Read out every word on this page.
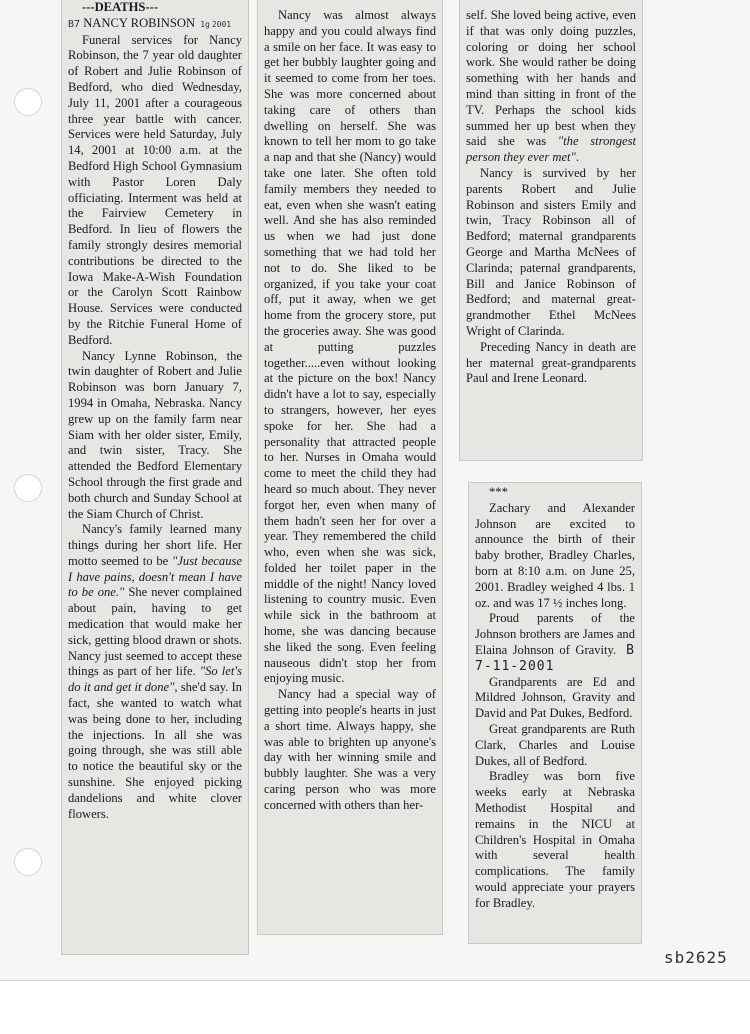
---DEATHS---

B7 NANCY ROBINSON 1g 2001

Funeral services for Nancy Robinson, the 7 year old daughter of Robert and Julie Robinson of Bedford, who died Wednesday, July 11, 2001 after a courageous three year battle with cancer. Services were held Saturday, July 14, 2001 at 10:00 a.m. at the Bedford High School Gymnasium with Pastor Loren Daly officiating. Interment was held at the Fairview Cemetery in Bedford. In lieu of flowers the family strongly desires memorial contributions be directed to the Iowa Make-A-Wish Foundation or the Carolyn Scott Rainbow House. Services were conducted by the Ritchie Funeral Home of Bedford.

Nancy Lynne Robinson, the twin daughter of Robert and Julie Robinson was born January 7, 1994 in Omaha, Nebraska. Nancy grew up on the family farm near Siam with her older sister, Emily, and twin sister, Tracy. She attended the Bedford Elementary School through the first grade and both church and Sunday School at the Siam Church of Christ.

Nancy's family learned many things during her short life. Her motto seemed to be "Just because I have pains, doesn't mean I have to be one." She never complained about pain, having to get medication that would make her sick, getting blood drawn or shots. Nancy just seemed to accept these things as part of her life. "So let's do it and get it done", she'd say. In fact, she wanted to watch what was being done to her, including the injections. In all she was going through, she was still able to notice the beautiful sky or the sunshine. She enjoyed picking dandelions and white clover flowers.

Nancy was almost always happy and you could always find a smile on her face. It was easy to get her bubbly laughter going and it seemed to come from her toes. She was more concerned about taking care of others than dwelling on herself. She was known to tell her mom to go take a nap and that she (Nancy) would take one later. She often told family members they needed to eat, even when she wasn't eating well. And she has also reminded us when we had just done something that we had told her not to do. She liked to be organized, if you take your coat off, put it away, when we get home from the grocery store, put the groceries away. She was good at putting puzzles together.....even without looking at the picture on the box! Nancy didn't have a lot to say, especially to strangers, however, her eyes spoke for her. She had a personality that attracted people to her. Nurses in Omaha would come to meet the child they had heard so much about. They never forgot her, even when many of them hadn't seen her for over a year. They remembered the child who, even when she was sick, folded her toilet paper in the middle of the night! Nancy loved listening to country music. Even while sick in the bathroom at home, she was dancing because she liked the song. Even feeling nauseous didn't stop her from enjoying music.

Nancy had a special way of getting into people's hearts in just a short time. Always happy, she was able to brighten up anyone's day with her winning smile and bubbly laughter. She was a very caring person who was more concerned with others than her-

self. She loved being active, even if that was only doing puzzles, coloring or doing her school work. She would rather be doing something with her hands and mind than sitting in front of the TV. Perhaps the school kids summed her up best when they said she was "the strongest person they ever met".

Nancy is survived by her parents Robert and Julie Robinson and sisters Emily and twin, Tracy Robinson all of Bedford; maternal grandparents George and Martha McNees of Clarinda; paternal grandparents, Bill and Janice Robinson of Bedford; and maternal great-grandmother Ethel McNees Wright of Clarinda.

Preceding Nancy in death are her maternal great-grandparents Paul and Irene Leonard.

***

Zachary and Alexander Johnson are excited to announce the birth of their baby brother, Bradley Charles, born at 8:10 a.m. on June 25, 2001. Bradley weighed 4 lbs. 1 oz. and was 17 ½ inches long.

Proud parents of the Johnson brothers are James and Elaina Johnson of Gravity. B 7-11-2001

Grandparents are Ed and Mildred Johnson, Gravity and David and Pat Dukes, Bedford.

Great grandparents are Ruth Clark, Charles and Louise Dukes, all of Bedford.

Bradley was born five weeks early at Nebraska Methodist Hospital and remains in the NICU at Children's Hospital in Omaha with several health complications. The family would appreciate your prayers for Bradley.

sb2625
